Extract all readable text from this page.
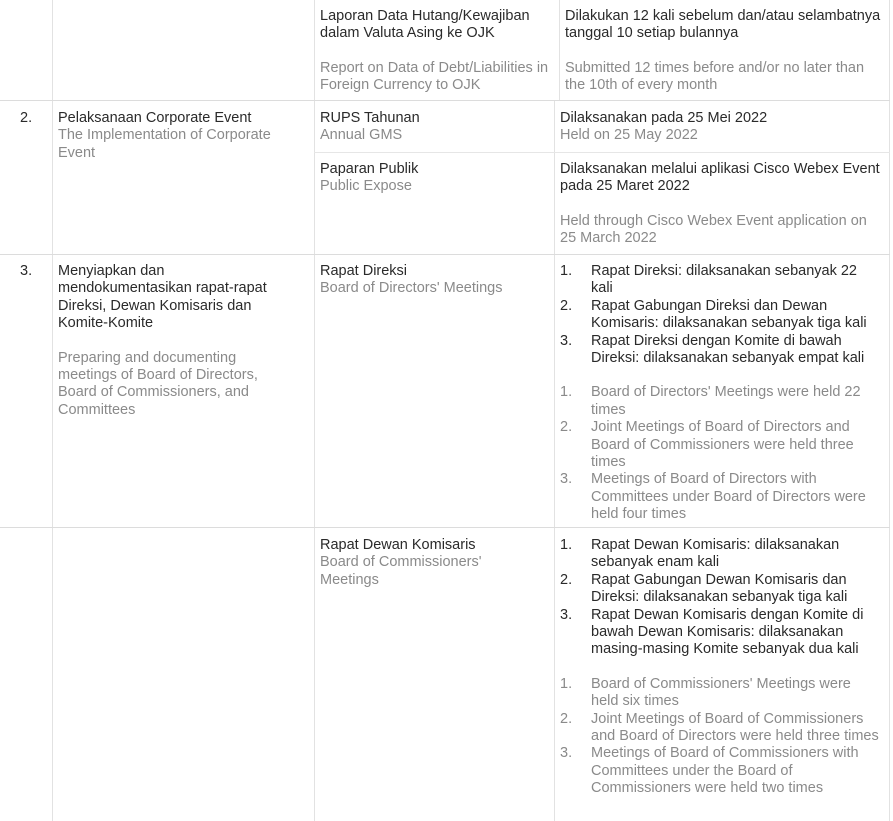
Laporan Data Hutang/Kewajiban dalam Valuta Asing ke OJK
Report on Data of Debt/Liabilities in Foreign Currency to OJK
Dilakukan 12 kali sebelum dan/atau selambatnya tanggal 10 setiap bulannya
Submitted 12 times before and/or no later than the 10th of every month
2.	Pelaksanaan Corporate Event
The Implementation of Corporate Event
RUPS Tahunan
Annual GMS
Dilaksanakan pada 25 Mei 2022
Held on 25 May 2022
Paparan Publik
Public Expose
Dilaksanakan melalui aplikasi Cisco Webex Event pada 25 Maret 2022
Held through Cisco Webex Event application on 25 March 2022
3.	Menyiapkan dan mendokumentasikan rapat-rapat Direksi, Dewan Komisaris dan Komite-Komite
Preparing and documenting meetings of Board of Directors, Board of Commissioners, and Committees
Rapat Direksi
Board of Directors' Meetings
1. Rapat Direksi: dilaksanakan sebanyak 22 kali
2. Rapat Gabungan Direksi dan Dewan Komisaris: dilaksanakan sebanyak tiga kali
3. Rapat Direksi dengan Komite di bawah Direksi: dilaksanakan sebanyak empat kali
1. Board of Directors' Meetings were held 22 times
2. Joint Meetings of Board of Directors and Board of Commissioners were held three times
3. Meetings of Board of Directors with Committees under Board of Directors were held four times
Rapat Dewan Komisaris
Board of Commissioners' Meetings
1. Rapat Dewan Komisaris: dilaksanakan sebanyak enam kali
2. Rapat Gabungan Dewan Komisaris dan Direksi: dilaksanakan sebanyak tiga kali
3. Rapat Dewan Komisaris dengan Komite di bawah Dewan Komisaris: dilaksanakan masing-masing Komite sebanyak dua kali
1. Board of Commissioners' Meetings were held six times
2. Joint Meetings of Board of Commissioners and Board of Directors were held three times
3. Meetings of Board of Commissioners with Committees under the Board of Commissioners were held two times
